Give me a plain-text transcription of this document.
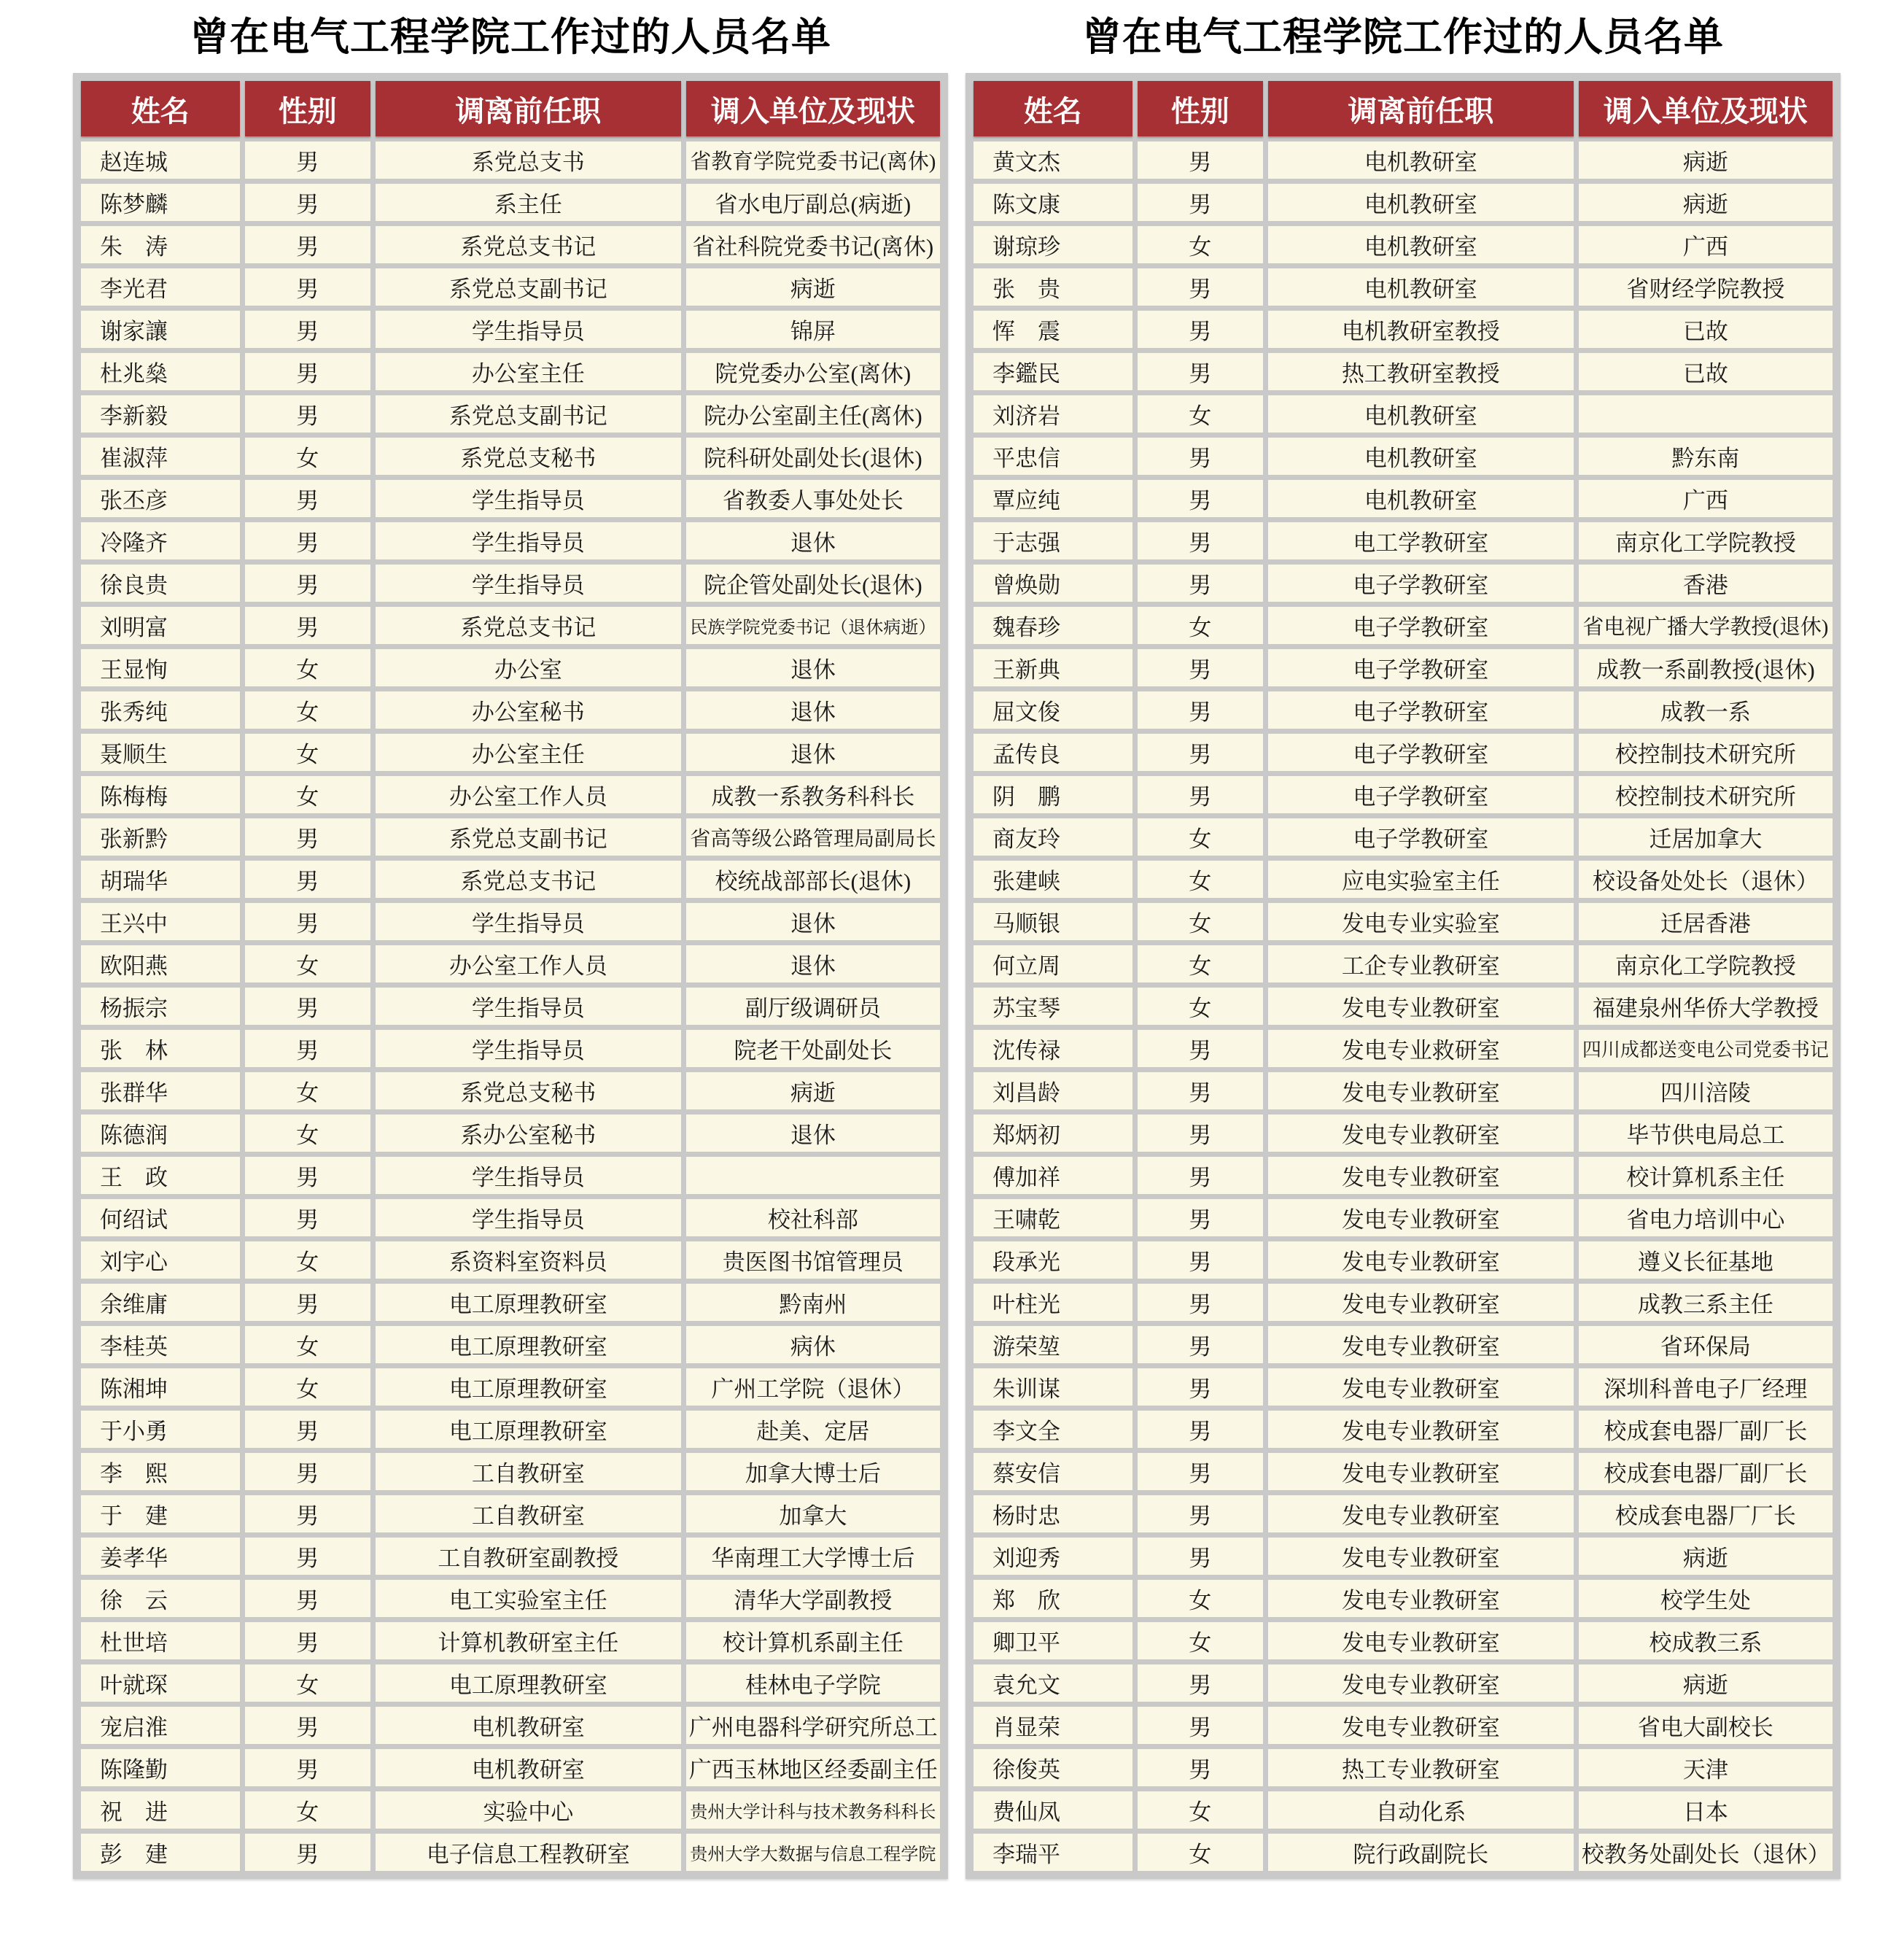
曾在电气工程学院工作过的人员名单
姓名	性别	调离前任职	调入单位及现状
赵连城	男	系党总支书	省教育学院党委书记(离休)
陈梦麟	男	系主任	省水电厅副总(病逝)
朱　涛	男	系党总支书记	省社科院党委书记(离休)
李光君	男	系党总支副书记	病逝
谢家讓	男	学生指导员	锦屏
杜兆燊	男	办公室主任	院党委办公室(离休)
李新毅	男	系党总支副书记	院办公室副主任(离休)
崔淑萍	女	系党总支秘书	院科研处副处长(退休)
张丕彦	男	学生指导员	省教委人事处处长
冷隆齐	男	学生指导员	退休
徐良贵	男	学生指导员	院企管处副处长(退休)
刘明富	男	系党总支书记	民族学院党委书记（退休病逝）
王显恂	女	办公室	退休
张秀纯	女	办公室秘书	退休
聂顺生	女	办公室主任	退休
陈梅梅	女	办公室工作人员	成教一系教务科科长
张新黔	男	系党总支副书记	省高等级公路管理局副局长
胡瑞华	男	系党总支书记	校统战部部长(退休)
王兴中	男	学生指导员	退休
欧阳燕	女	办公室工作人员	退休
杨振宗	男	学生指导员	副厅级调研员
张　林	男	学生指导员	院老干处副处长
张群华	女	系党总支秘书	病逝
陈德润	女	系办公室秘书	退休
王　政	男	学生指导员	
何绍试	男	学生指导员	校社科部
刘宇心	女	系资料室资料员	贵医图书馆管理员
余维庸	男	电工原理教研室	黔南州
李桂英	女	电工原理教研室	病休
陈湘坤	女	电工原理教研室	广州工学院（退休）
于小勇	男	电工原理教研室	赴美、定居
李　熙	男	工自教研室	加拿大博士后
于　建	男	工自教研室	加拿大
姜孝华	男	工自教研室副教授	华南理工大学博士后
徐　云	男	电工实验室主任	清华大学副教授
杜世培	男	计算机教研室主任	校计算机系副主任
叶就琛	女	电工原理教研室	桂林电子学院
宠启淮	男	电机教研室	广州电器科学研究所总工
陈隆勤	男	电机教研室	广西玉林地区经委副主任
祝　进	女	实验中心	贵州大学计科与技术教务科科长
彭　建	男	电子信息工程教研室	贵州大学大数据与信息工程学院
曾在电气工程学院工作过的人员名单
姓名	性别	调离前任职	调入单位及现状
黄文杰	男	电机教研室	病逝
陈文康	男	电机教研室	病逝
谢琼珍	女	电机教研室	广西
张　贵	男	电机教研室	省财经学院教授
恽　震	男	电机教研室教授	已故
李鑑民	男	热工教研室教授	已故
刘济岩	女	电机教研室	
平忠信	男	电机教研室	黔东南
覃应纯	男	电机教研室	广西
于志强	男	电工学教研室	南京化工学院教授
曾焕勋	男	电子学教研室	香港
魏春珍	女	电子学教研室	省电视广播大学教授(退休)
王新典	男	电子学教研室	成教一系副教授(退休)
屈文俊	男	电子学教研室	成教一系
孟传良	男	电子学教研室	校控制技术研究所
阴　鹏	男	电子学教研室	校控制技术研究所
商友玲	女	电子学教研室	迁居加拿大
张建峡	女	应电实验室主任	校设备处处长（退休）
马顺银	女	发电专业实验室	迁居香港
何立周	女	工企专业教研室	南京化工学院教授
苏宝琴	女	发电专业教研室	福建泉州华侨大学教授
沈传禄	男	发电专业救研室	四川成都送变电公司党委书记
刘昌龄	男	发电专业教研室	四川涪陵
郑炳初	男	发电专业教研室	毕节供电局总工
傅加祥	男	发电专业教研室	校计算机系主任
王啸乾	男	发电专业教研室	省电力培训中心
段承光	男	发电专业教研室	遵义长征基地
叶柱光	男	发电专业教研室	成教三系主任
游荣堃	男	发电专业教研室	省环保局
朱训谋	男	发电专业教研室	深圳科普电子厂经理
李文全	男	发电专业教研室	校成套电器厂副厂长
蔡安信	男	发电专业教研室	校成套电器厂副厂长
杨时忠	男	发电专业教研室	校成套电器厂厂长
刘迎秀	男	发电专业教研室	病逝
郑　欣	女	发电专业教研室	校学生处
卿卫平	女	发电专业教研室	校成教三系
袁允文	男	发电专业教研室	病逝
肖显荣	男	发电专业教研室	省电大副校长
徐俊英	男	热工专业教研室	天津
费仙凤	女	自动化系	日本
李瑞平	女	院行政副院长	校教务处副处长（退休）
